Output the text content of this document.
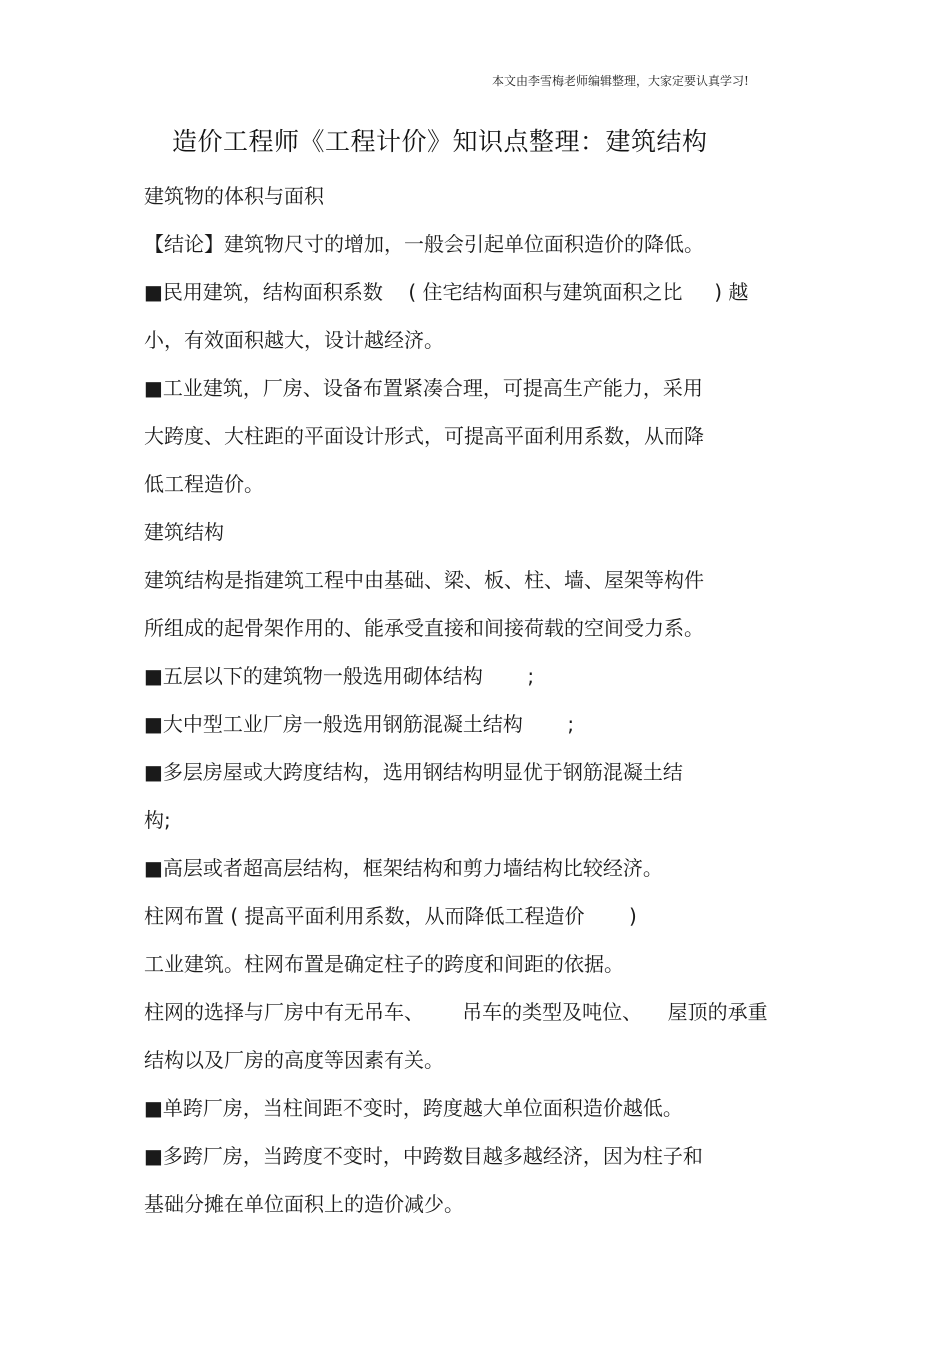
本文由李雪梅老师编辑整理，大家定要认真学习!
造价工程师《工程计价》知识点整理：建筑结构
建筑物的体积与面积
【结论】建筑物尺寸的增加，一般会引起单位面积造价的降低。
■民用建筑，结构面积系数    ( 住宅结构面积与建筑面积之比     ) 越
小，有效面积越大，设计越经济。
■工业建筑，厂房、设备布置紧凑合理，可提高生产能力，采用
大跨度、大柱距的平面设计形式，可提高平面利用系数，从而降
低工程造价。
建筑结构
建筑结构是指建筑工程中由基础、梁、板、柱、墙、屋架等构件
所组成的起骨架作用的、能承受直接和间接荷载的空间受力系。
■五层以下的建筑物一般选用砌体结构       ;
■大中型工业厂房一般选用钢筋混凝土结构       ;
■多层房屋或大跨度结构，选用钢结构明显优于钢筋混凝土结
构;
■高层或者超高层结构，框架结构和剪力墙结构比较经济。
柱网布置 ( 提高平面利用系数，从而降低工程造价       )
工业建筑。柱网布置是确定柱子的跨度和间距的依据。
柱网的选择与厂房中有无吊车、      吊车的类型及吨位、    屋顶的承重
结构以及厂房的高度等因素有关。
■单跨厂房，当柱间距不变时，跨度越大单位面积造价越低。
■多跨厂房，当跨度不变时，中跨数目越多越经济，因为柱子和
基础分摊在单位面积上的造价减少。
